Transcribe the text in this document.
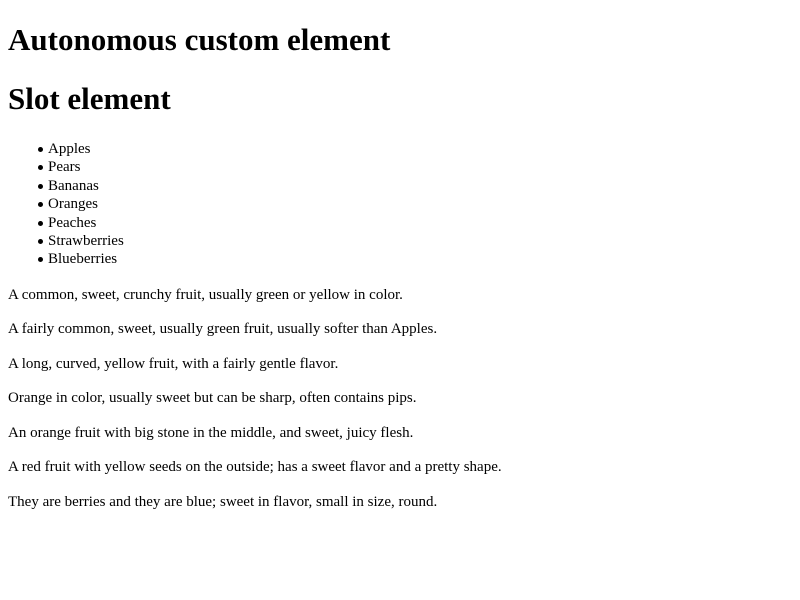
Autonomous custom element
Slot element
Apples
Pears
Bananas
Oranges
Peaches
Strawberries
Blueberries

A common, sweet, crunchy fruit, usually green or yellow in color.

A fairly common, sweet, usually green fruit, usually softer than Apples.

A long, curved, yellow fruit, with a fairly gentle flavor.

Orange in color, usually sweet but can be sharp, often contains pips.

An orange fruit with big stone in the middle, and sweet, juicy flesh.

A red fruit with yellow seeds on the outside; has a sweet flavor and a pretty shape.

They are berries and they are blue; sweet in flavor, small in size, round.
